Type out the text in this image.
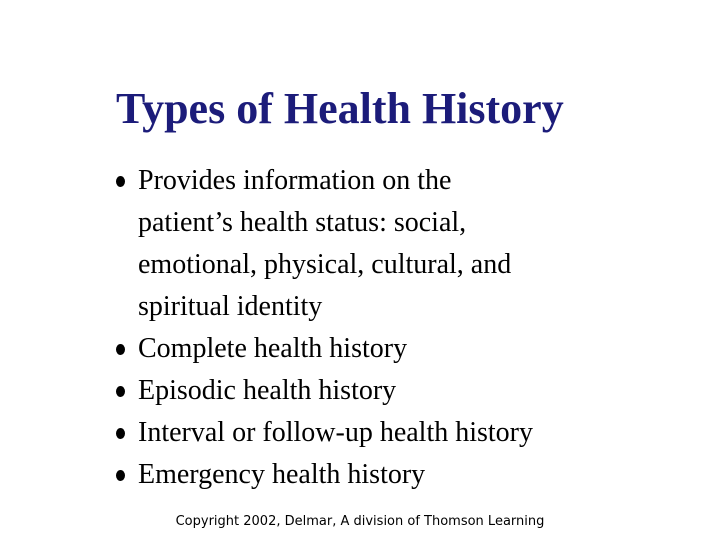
Types of Health History
Provides information on the
patient’s health status: social,
emotional, physical, cultural, and
spiritual identity
Complete health history
Episodic health history
Interval or follow-up health history
Emergency health history
Copyright 2002, Delmar, A division of Thomson Learning
